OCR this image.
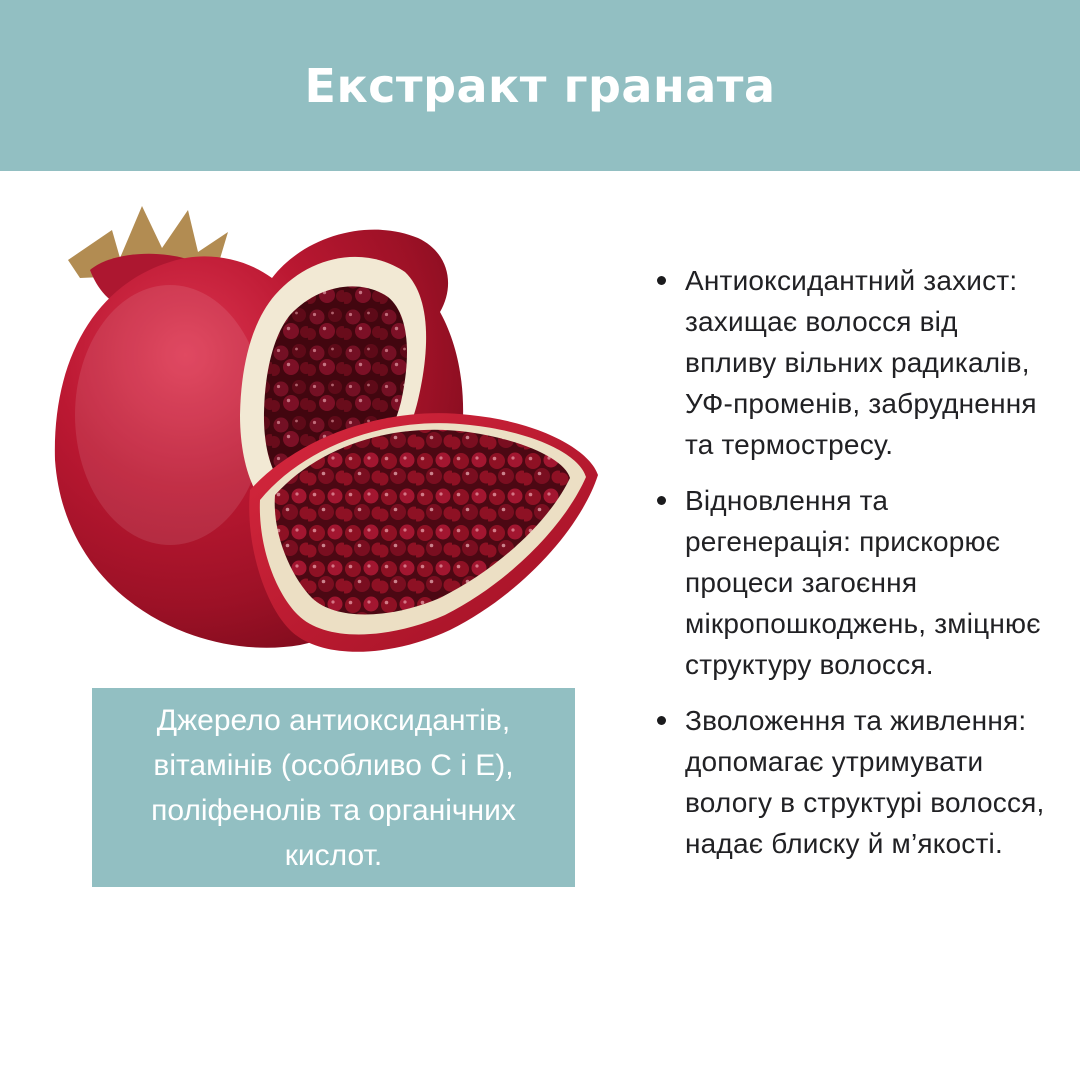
Екстракт граната

Джерело антиоксидантів, вітамінів (особливо C і E), поліфенолів та органічних кислот.

Антиоксидантний захист: захищає волосся від впливу вільних радикалів, УФ-променів, забруднення та термостресу.
Відновлення та регенерація: прискорює процеси загоєння мікропошкоджень, зміцнює структуру волосся.
Зволоження та живлення: допомагає утримувати вологу в структурі волосся, надає блиску й м’якості.
